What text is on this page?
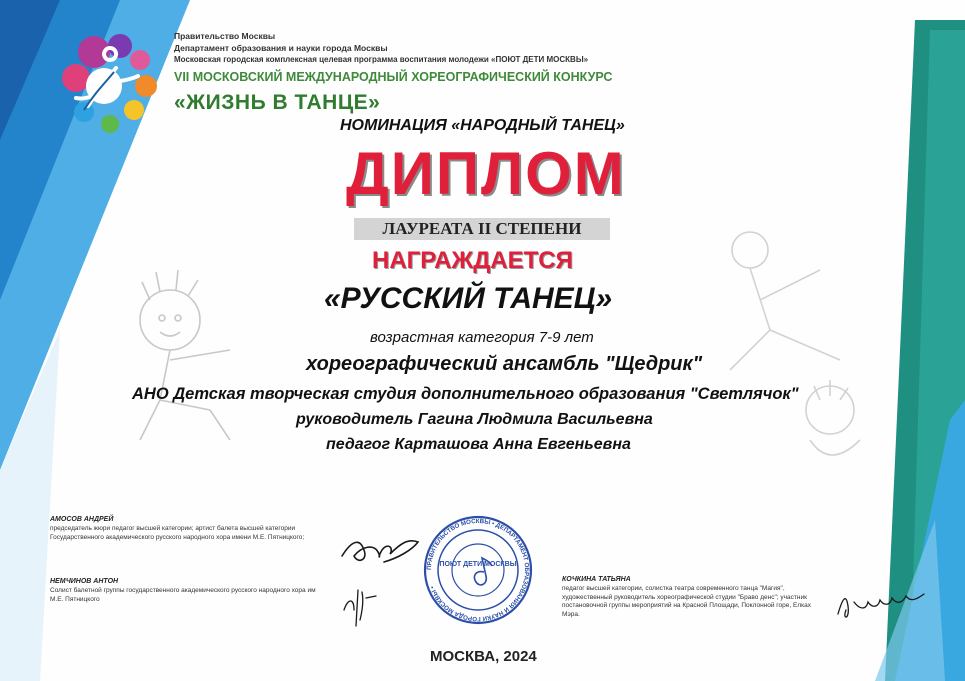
Правительство Москвы
Департамент образования и науки города Москвы
Московская городская комплексная целевая программа воспитания молодежи «ПОЮТ ДЕТИ МОСКВЫ»
VII МОСКОВСКИЙ МЕЖДУНАРОДНЫЙ ХОРЕОГРАФИЧЕСКИЙ КОНКУРС
«ЖИЗНЬ В ТАНЦЕ»
НОМИНАЦИЯ «НАРОДНЫЙ ТАНЕЦ»
ДИПЛОМ
ЛАУРЕАТА II СТЕПЕНИ
НАГРАЖДАЕТСЯ
«РУССКИЙ ТАНЕЦ»
возрастная категория 7-9 лет
хореографический ансамбль "Щедрик"
АНО Детская творческая студия дополнительного образования "Светлячок"
руководитель Гагина Людмила Васильевна
педагог Карташова Анна Евгеньевна
АМОСОВ АНДРЕЙ
председатель жюри педагог высшей категории; артист балета высшей категории Государственного академического русского народного хора имени М.Е. Пятницкого;
НЕМЧИНОВ АНТОН
Солист балетной группы государственного академического русского народного хора им М.Е. Пятницкого
КОЧКИНА ТАТЬЯНА
педагог высшей категории, солистка театра современного танца "Магия", художественный руководитель хореографической студии "Браво денс"; участник постановочной группы мероприятий на Красной Площади, Поклонной горе, Елках Мэра.
ПРАВИТЕЛЬСТВО МОСКВЫ • ДЕПАРТАМЕНТ ОБРАЗОВАНИЯ И НАУКИ ГОРОДА МОСКВЫ •
ПОЮТ ДЕТИ МОСКВЫ
МОСКВА, 2024
